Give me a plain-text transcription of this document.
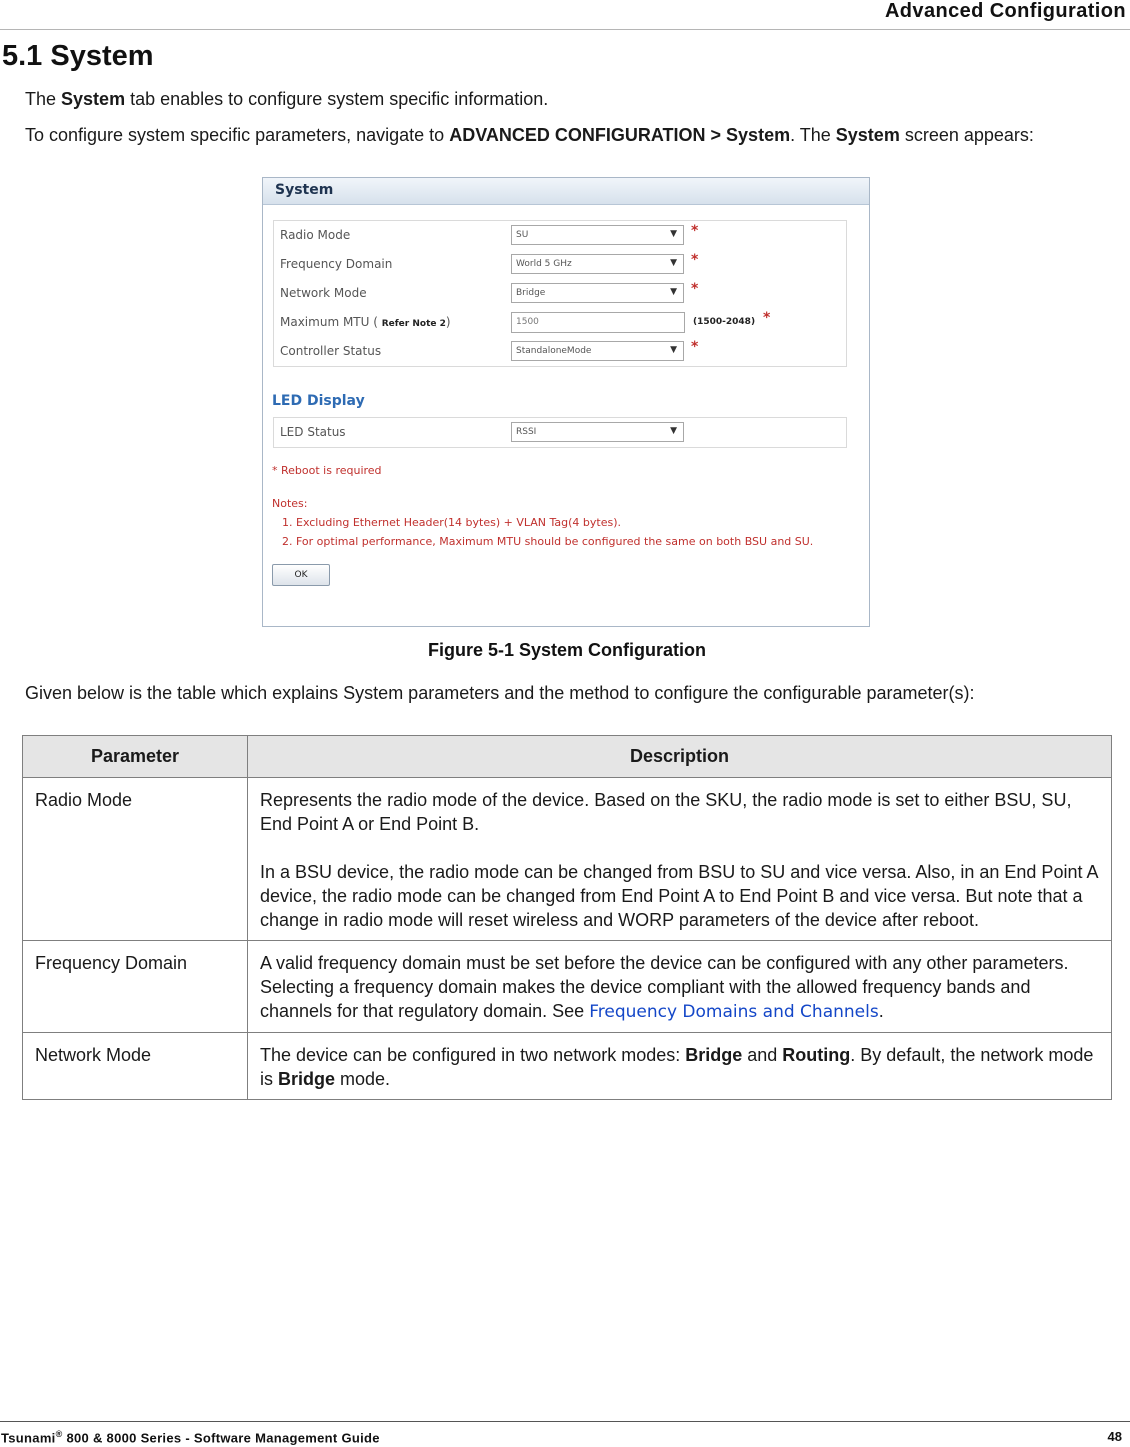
Advanced Configuration
5.1 System

The System tab enables to configure system specific information.

To configure system specific parameters, navigate to ADVANCED CONFIGURATION > System. The System screen appears:

System
Radio Mode	SU	▼ *
Frequency Domain	World 5 GHz	▼ *
Network Mode	Bridge	▼ *
Maximum MTU ( Refer Note 2)	1500	(1500-2048) *
Controller Status	StandaloneMode	▼ *
LED Display
LED Status	RSSI	▼
* Reboot is required
Notes:
1. Excluding Ethernet Header(14 bytes) + VLAN Tag(4 bytes).
2. For optimal performance, Maximum MTU should be configured the same on both BSU and SU.
OK

Figure 5-1 System Configuration

Given below is the table which explains System parameters and the method to configure the configurable parameter(s):

Parameter	Description
Radio Mode	Represents the radio mode of the device. Based on the SKU, the radio mode is set to either BSU, SU, End Point A or End Point B.

In a BSU device, the radio mode can be changed from BSU to SU and vice versa. Also, in an End Point A device, the radio mode can be changed from End Point A to End Point B and vice versa. But note that a change in radio mode will reset wireless and WORP parameters of the device after reboot.

Frequency Domain	A valid frequency domain must be set before the device can be configured with any other parameters. Selecting a frequency domain makes the device compliant with the allowed frequency bands and channels for that regulatory domain. See Frequency Domains and Channels.
Network Mode	The device can be configured in two network modes: Bridge and Routing. By default, the network mode is Bridge mode.
Tsunami® 800 & 8000 Series - Software Management Guide	48
